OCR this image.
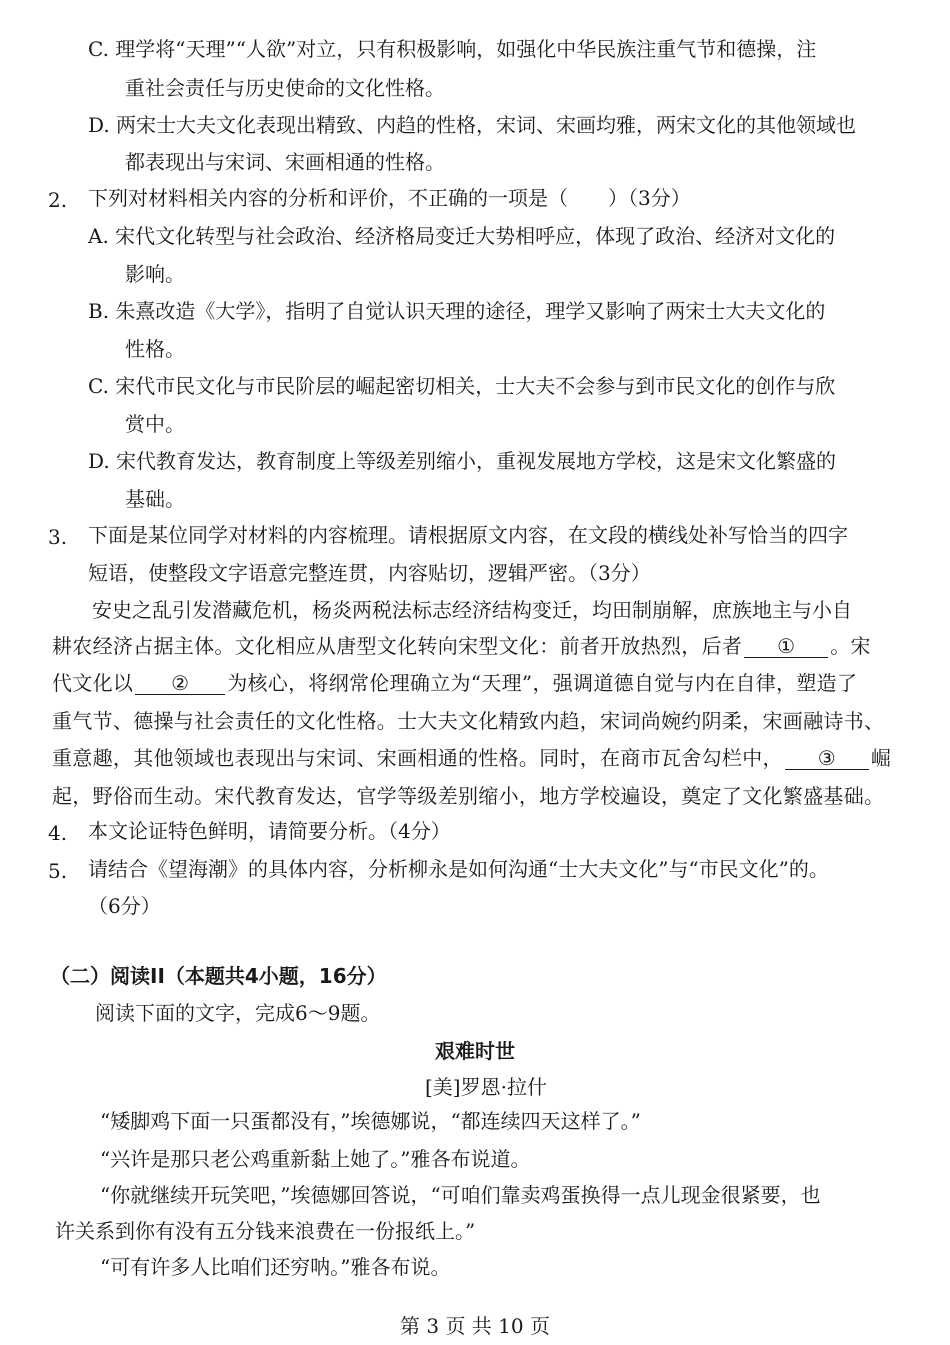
C. 理学将“天理”“人欲”对立，只有积极影响，如强化中华民族注重气节和德操，注
重社会责任与历史使命的文化性格。
D. 两宋士大夫文化表现出精致、内趋的性格，宋词、宋画均雅，两宋文化的其他领域也
都表现出与宋词、宋画相通的性格。
2. 下列对材料相关内容的分析和评价，不正确的一项是（　　）（3分）
A. 宋代文化转型与社会政治、经济格局变迁大势相呼应，体现了政治、经济对文化的
影响。
B. 朱熹改造《大学》，指明了自觉认识天理的途径，理学又影响了两宋士大夫文化的
性格。
C. 宋代市民文化与市民阶层的崛起密切相关，士大夫不会参与到市民文化的创作与欣
赏中。
D. 宋代教育发达，教育制度上等级差别缩小，重视发展地方学校，这是宋文化繁盛的
基础。
3. 下面是某位同学对材料的内容梳理。请根据原文内容，在文段的横线处补写恰当的四字
短语，使整段文字语意完整连贯，内容贴切，逻辑严密。（3分）
安史之乱引发潜藏危机，杨炎两税法标志经济结构变迁，均田制崩解，庶族地主与小自
耕农经济占据主体。文化相应从唐型文化转向宋型文化：前者开放热烈，后者 ① 。宋
代文化以 ② 为核心，将纲常伦理确立为“天理”，强调道德自觉与内在自律，塑造了
重气节、德操与社会责任的文化性格。士大夫文化精致内趋，宋词尚婉约阴柔，宋画融诗书、
重意趣，其他领域也表现出与宋词、宋画相通的性格。同时，在商市瓦舍勾栏中， ③ 崛
起，野俗而生动。宋代教育发达，官学等级差别缩小，地方学校遍设，奠定了文化繁盛基础。
4. 本文论证特色鲜明，请简要分析。（4分）
5. 请结合《望海潮》的具体内容，分析柳永是如何沟通“士大夫文化”与“市民文化”的。
（6分）
（二）阅读II（本题共4小题，16分）
阅读下面的文字，完成6～9题。
艰难时世
[美]罗恩·拉什
“矮脚鸡下面一只蛋都没有，”埃德娜说，“都连续四天这样了。”
“兴许是那只老公鸡重新黏上她了。”雅各布说道。
“你就继续开玩笑吧，”埃德娜回答说，“可咱们靠卖鸡蛋换得一点儿现金很紧要，也
许关系到你有没有五分钱来浪费在一份报纸上。”
“可有许多人比咱们还穷呐。”雅各布说。
第 3 页 共 10 页
